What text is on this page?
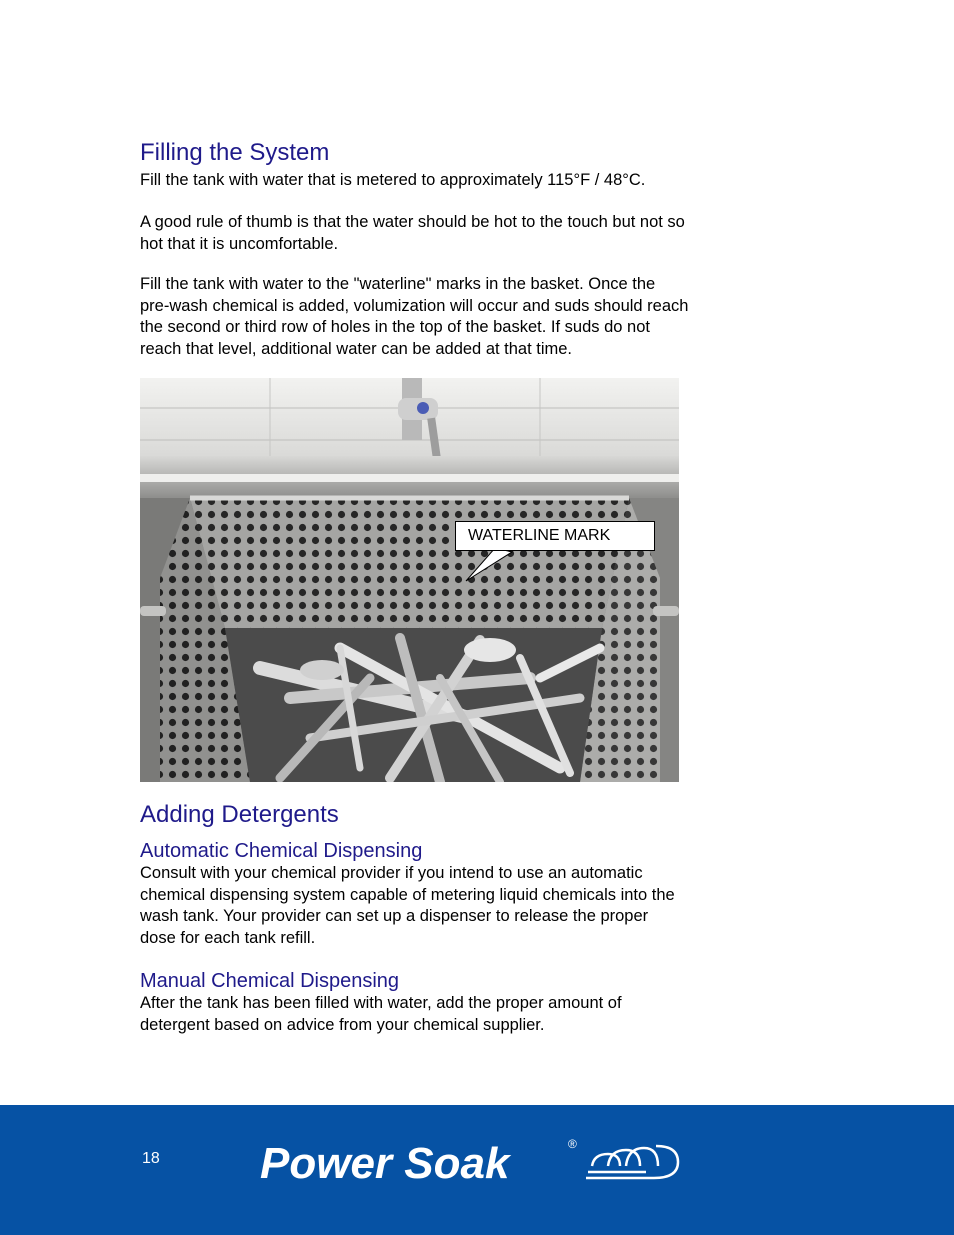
Filling the System

Fill the tank with water that is metered to approximately 115°F / 48°C.

A good rule of thumb is that the water should be hot to the touch but not so
hot that it is uncomfortable.
Fill the tank with water to the "waterline" marks in the basket. Once the
pre-wash chemical is added, volumization will occur and suds should reach
the second or third row of holes in the top of the basket. If suds do not
reach that level, additional water can be added at that time.
WATERLINE MARK
Adding Detergents
Automatic Chemical Dispensing
Consult with your chemical provider if you intend to use an automatic
chemical dispensing system capable of metering liquid chemicals into the
wash tank. Your provider can set up a dispenser to release the proper
dose for each tank refill.
Manual Chemical Dispensing
After the tank has been filled with water, add the proper amount of
detergent based on advice from your chemical supplier.
18 Power Soak	®
